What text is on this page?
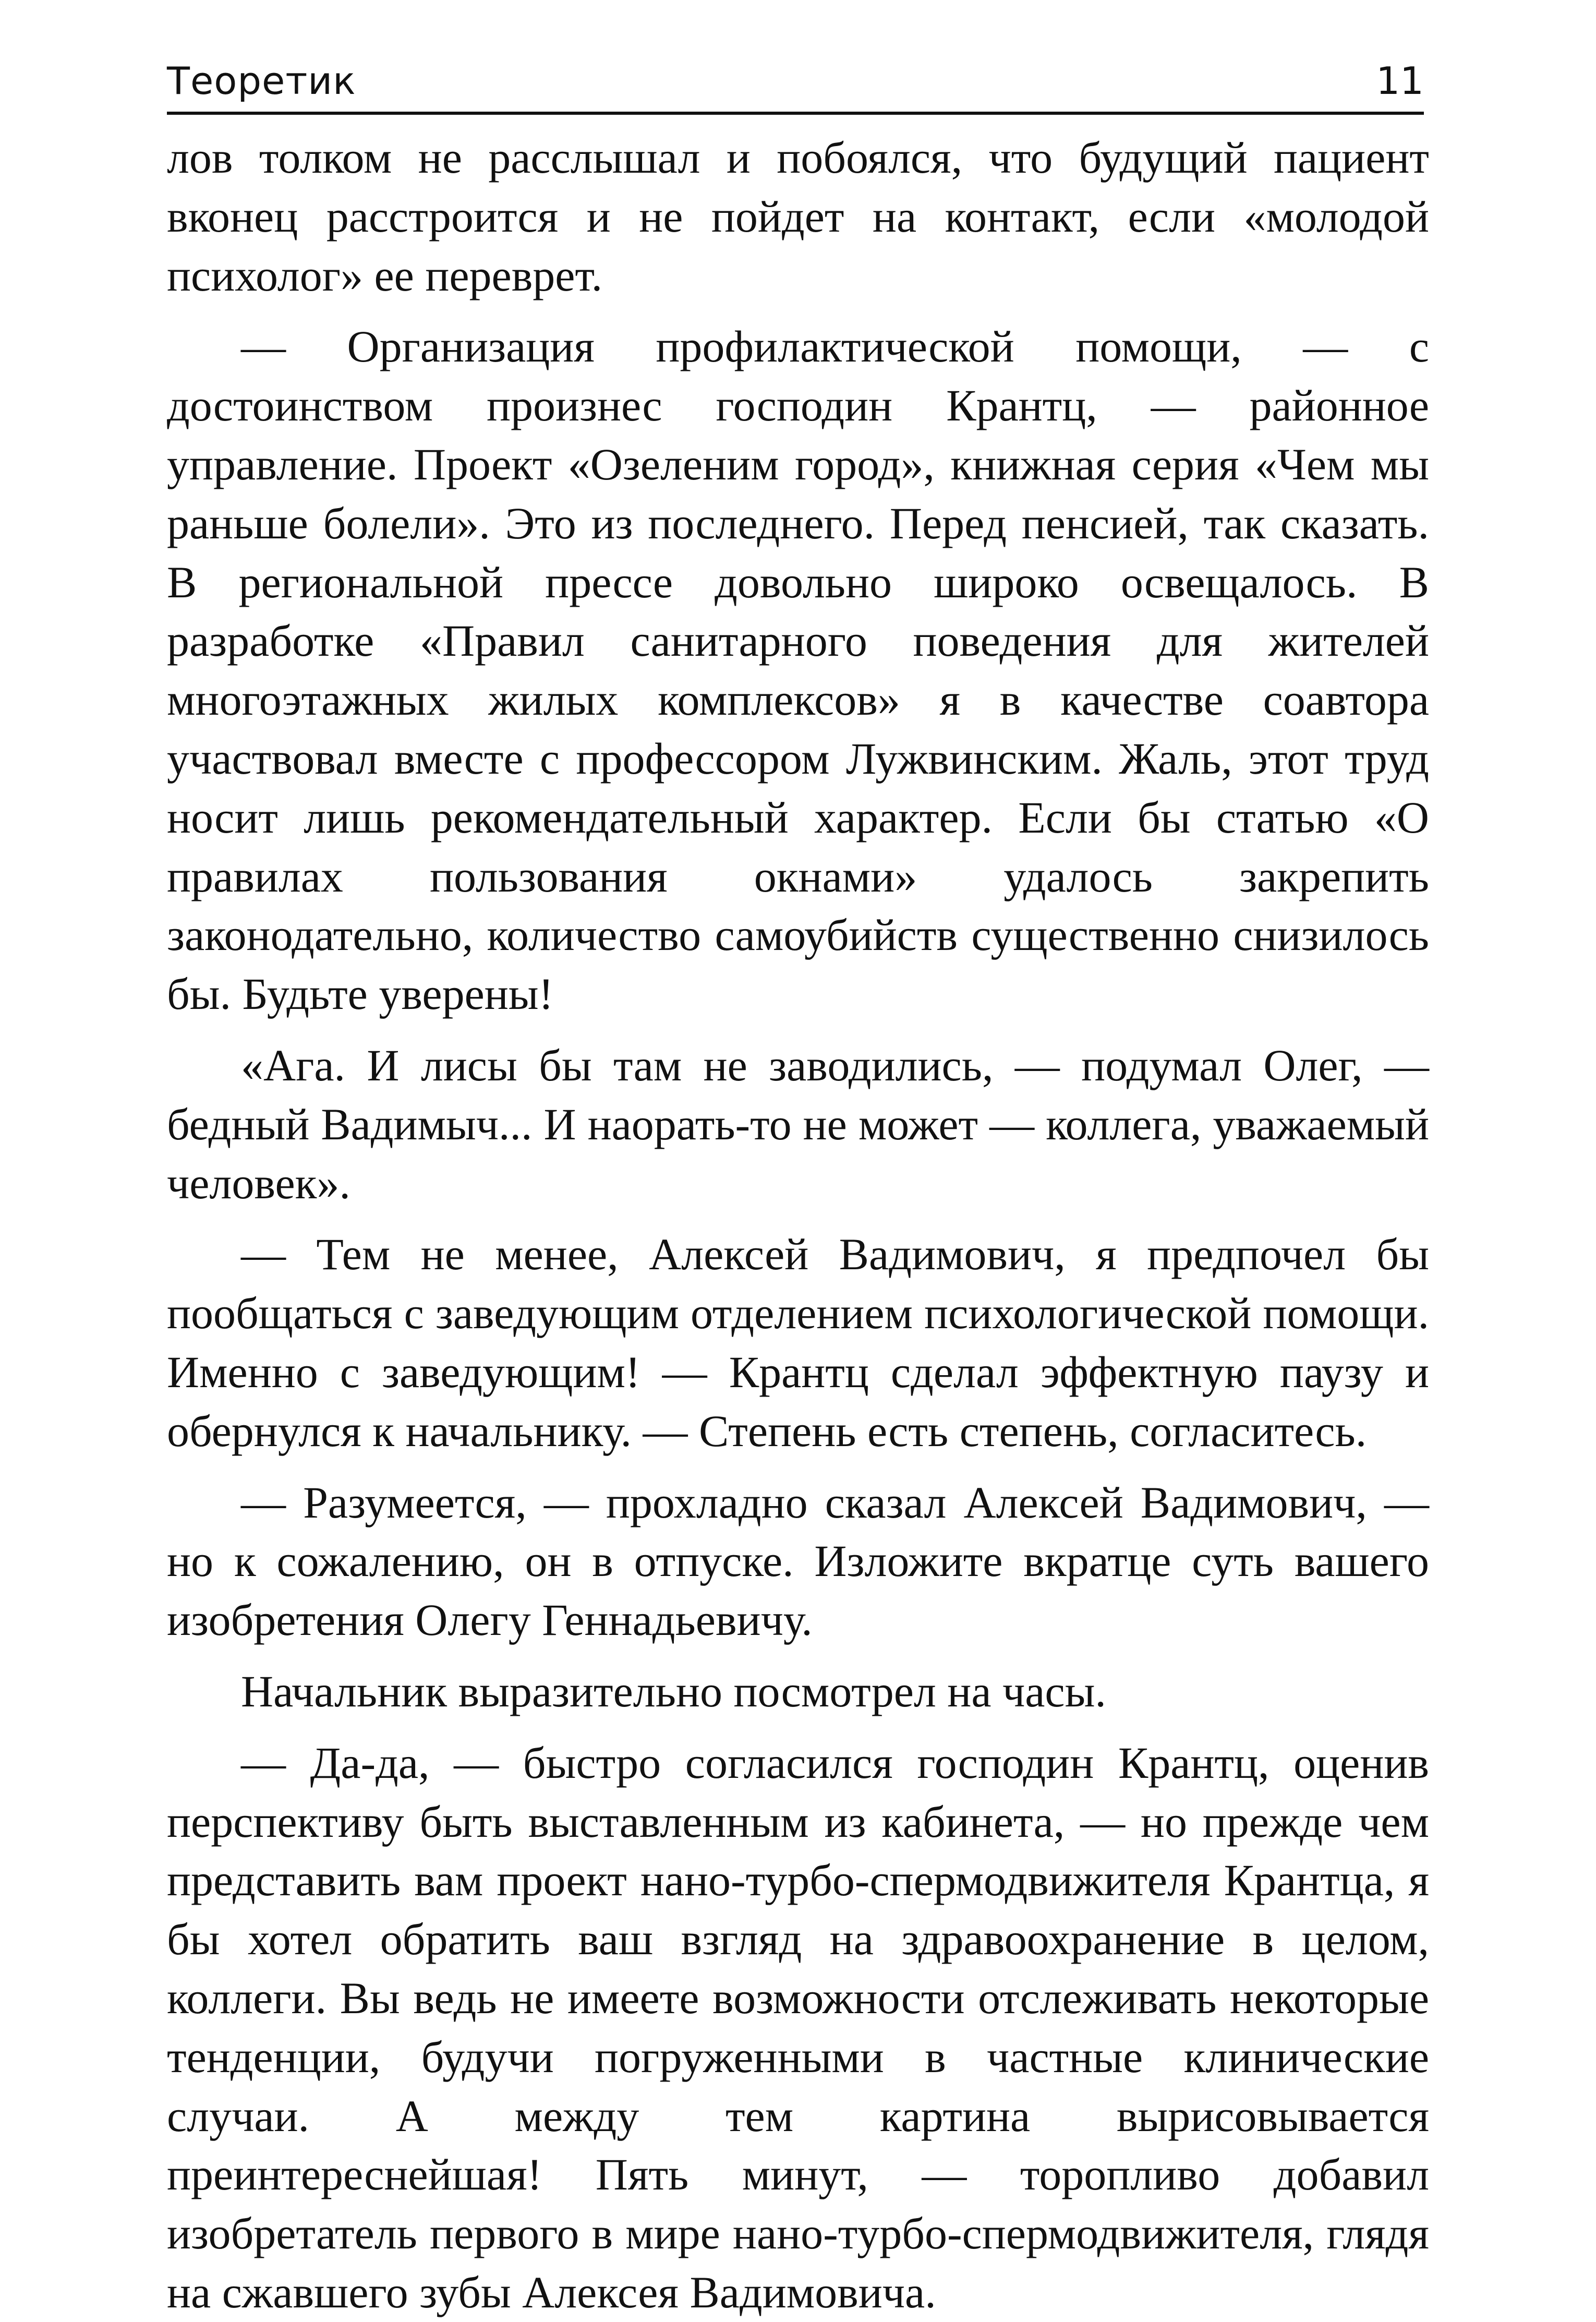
Теоретик	11

лов толком не расслышал и побоялся, что будущий пациент вконец расстроится и не пойдет на контакт, если «молодой психолог» ее переврет.

— Организация профилактической помощи, — с достоинством произнес господин Крантц, — районное управление. Проект «Озеленим город», книжная серия «Чем мы раньше болели». Это из последнего. Перед пенсией, так сказать. В региональной прессе довольно широко освещалось. В разработке «Правил санитарного поведения для жителей многоэтажных жилых комплексов» я в качестве соавтора участвовал вместе с профессором Лужвинским. Жаль, этот труд носит лишь рекомендательный характер. Если бы статью «О правилах пользования окнами» удалось закрепить законодательно, количество самоубийств существенно снизилось бы. Будьте уверены!

«Ага. И лисы бы там не заводились, — подумал Олег, — бедный Вадимыч... И наорать-то не может — коллега, уважаемый человек».

— Тем не менее, Алексей Вадимович, я предпочел бы пообщаться с заведующим отделением психологической помощи. Именно с заведующим! — Крантц сделал эффектную паузу и обернулся к начальнику. — Степень есть степень, согласитесь.

— Разумеется, — прохладно сказал Алексей Вадимович, — но к сожалению, он в отпуске. Изложите вкратце суть вашего изобретения Олегу Геннадьевичу.

Начальник выразительно посмотрел на часы.

— Да-да, — быстро согласился господин Крантц, оценив перспективу быть выставленным из кабинета, — но прежде чем представить вам проект нано-турбо-спермодвижителя Крантца, я бы хотел обратить ваш взгляд на здравоохранение в целом, коллеги. Вы ведь не имеете возможности отслеживать некоторые тенденции, будучи погруженными в частные клинические случаи. А между тем картина вырисовывается преинтереснейшая! Пять минут, — торопливо добавил изобретатель первого в мире нано-турбо-спермодвижителя, глядя на сжавшего зубы Алексея Вадимовича.
